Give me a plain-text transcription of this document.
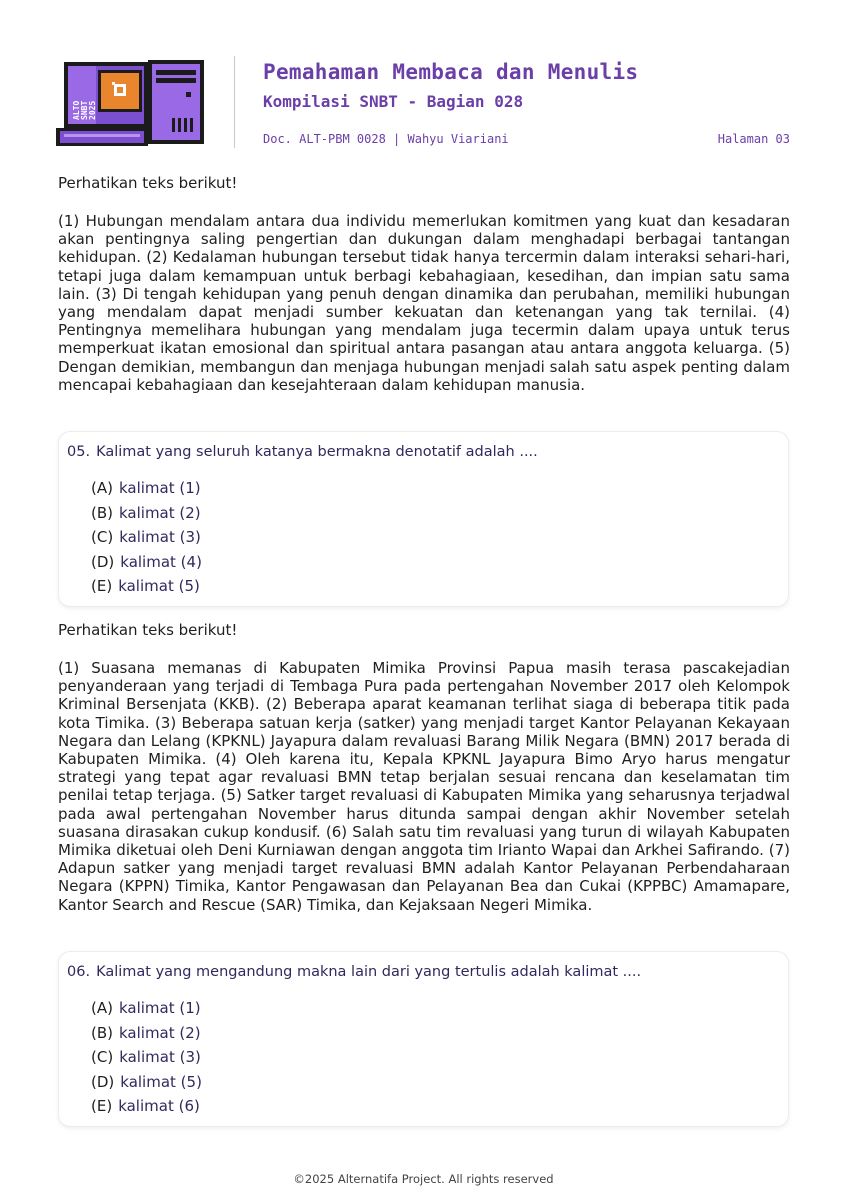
ALTO SNBT 2025
Pemahaman Membaca dan Menulis
Kompilasi SNBT - Bagian 028
Doc. ALT-PBM 0028 | Wahyu Viariani	Halaman 03
Perhatikan teks berikut!

(1) Hubungan mendalam antara dua individu memerlukan komitmen yang kuat dan kesadaran akan pentingnya saling pengertian dan dukungan dalam menghadapi berbagai tantangan kehidupan. (2) Kedalaman hubungan tersebut tidak hanya tercermin dalam interaksi sehari-hari, tetapi juga dalam kemampuan untuk berbagi kebahagiaan, kesedihan, dan impian satu sama lain. (3) Di tengah kehidupan yang penuh dengan dinamika dan perubahan, memiliki hubungan yang mendalam dapat menjadi sumber kekuatan dan ketenangan yang tak ternilai. (4) Pentingnya memelihara hubungan yang mendalam juga tecermin dalam upaya untuk terus memperkuat ikatan emosional dan spiritual antara pasangan atau antara anggota keluarga. (5) Dengan demikian, membangun dan menjaga hubungan menjadi salah satu aspek penting dalam mencapai kebahagiaan dan kesejahteraan dalam kehidupan manusia.

05. Kalimat yang seluruh katanya bermakna denotatif adalah ....
(A) kalimat (1)
(B) kalimat (2)
(C) kalimat (3)
(D) kalimat (4)
(E) kalimat (5)
Perhatikan teks berikut!

(1) Suasana memanas di Kabupaten Mimika Provinsi Papua masih terasa pascakejadian penyanderaan yang terjadi di Tembaga Pura pada pertengahan November 2017 oleh Kelompok Kriminal Bersenjata (KKB). (2) Beberapa aparat keamanan terlihat siaga di beberapa titik pada kota Timika. (3) Beberapa satuan kerja (satker) yang menjadi target Kantor Pelayanan Kekayaan Negara dan Lelang (KPKNL) Jayapura dalam revaluasi Barang Milik Negara (BMN) 2017 berada di Kabupaten Mimika. (4) Oleh karena itu, Kepala KPKNL Jayapura Bimo Aryo harus mengatur strategi yang tepat agar revaluasi BMN tetap berjalan sesuai rencana dan keselamatan tim penilai tetap terjaga. (5) Satker target revaluasi di Kabupaten Mimika yang seharusnya terjadwal pada awal pertengahan November harus ditunda sampai dengan akhir November setelah suasana dirasakan cukup kondusif. (6) Salah satu tim revaluasi yang turun di wilayah Kabupaten Mimika diketuai oleh Deni Kurniawan dengan anggota tim Irianto Wapai dan Arkhei Safirando. (7) Adapun satker yang menjadi target revaluasi BMN adalah Kantor Pelayanan Perbendaharaan Negara (KPPN) Timika, Kantor Pengawasan dan Pelayanan Bea dan Cukai (KPPBC) Amamapare, Kantor Search and Rescue (SAR) Timika, dan Kejaksaan Negeri Mimika.

06. Kalimat yang mengandung makna lain dari yang tertulis adalah kalimat ....
(A) kalimat (1)
(B) kalimat (2)
(C) kalimat (3)
(D) kalimat (5)
(E) kalimat (6)
©2025 Alternatifa Project. All rights reserved
